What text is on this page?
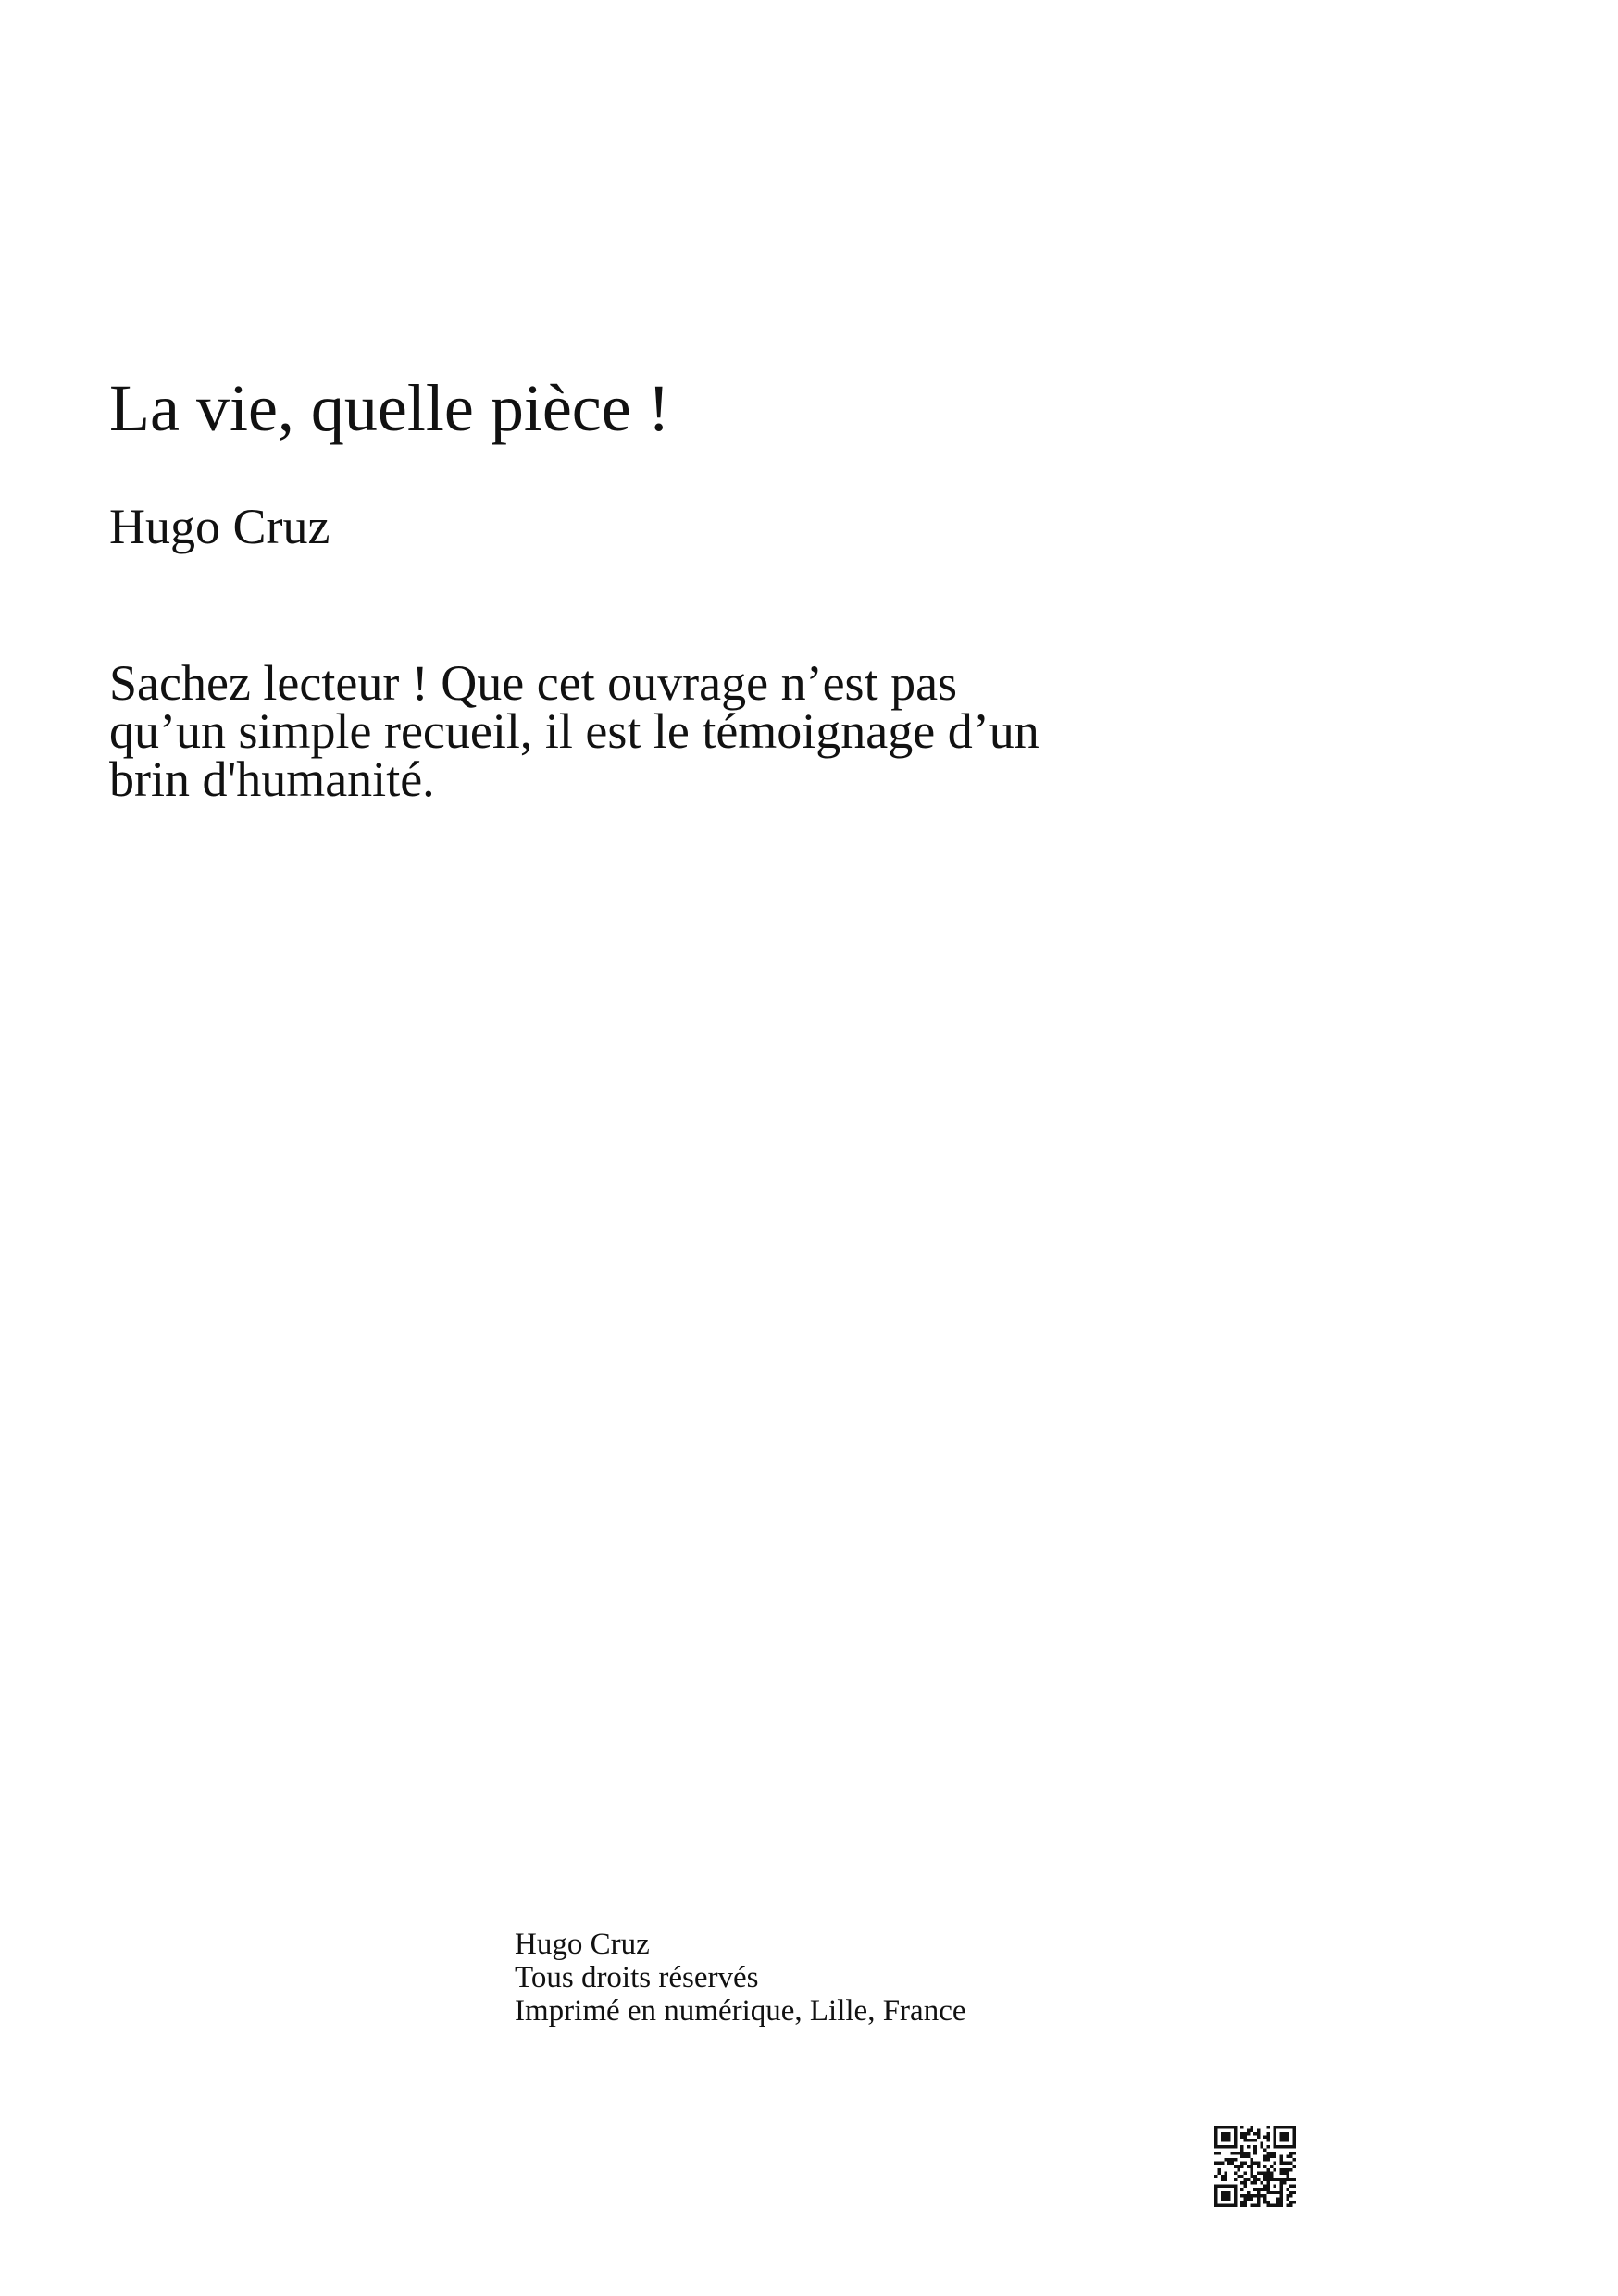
La vie, quelle pièce !

Hugo Cruz

Sachez lecteur ! Que cet ouvrage n’est pas
qu’un simple recueil, il est le témoignage d’un
brin d'humanité.

Hugo Cruz
Tous droits réservés
Imprimé en numérique, Lille, France
